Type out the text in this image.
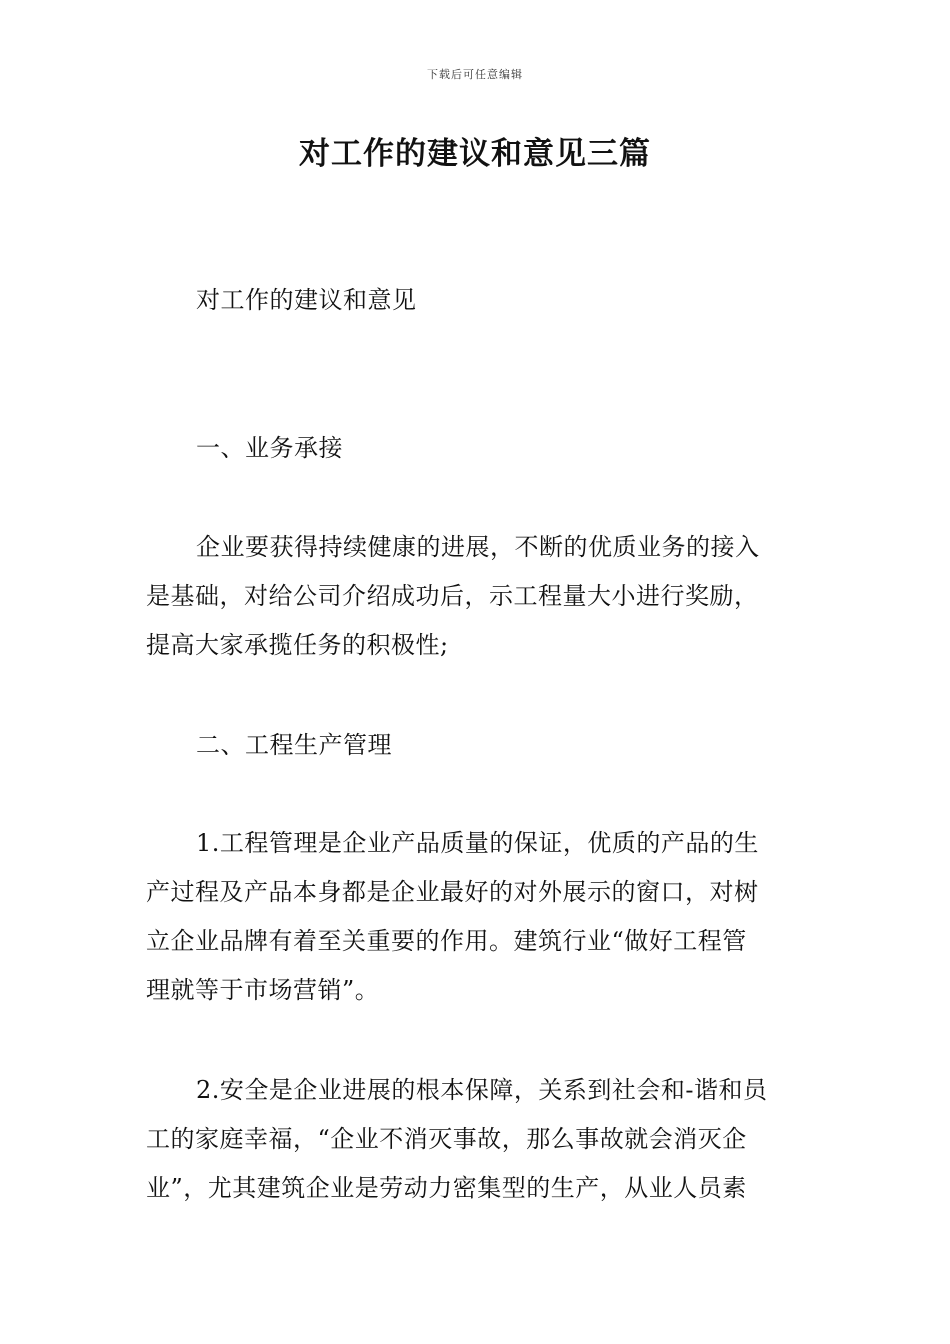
下载后可任意编辑
对工作的建议和意见三篇
对工作的建议和意见
一、业务承接
企业要获得持续健康的进展，不断的优质业务的接入
是基础，对给公司介绍成功后，示工程量大小进行奖励，
提高大家承揽任务的积极性;
二、工程生产管理
1.工程管理是企业产品质量的保证，优质的产品的生
产过程及产品本身都是企业最好的对外展示的窗口，对树
立企业品牌有着至关重要的作用。建筑行业“做好工程管
理就等于市场营销”。
2.安全是企业进展的根本保障，关系到社会和-谐和员
工的家庭幸福，“企业不消灭事故，那么事故就会消灭企
业”，尤其建筑企业是劳动力密集型的生产，从业人员素
